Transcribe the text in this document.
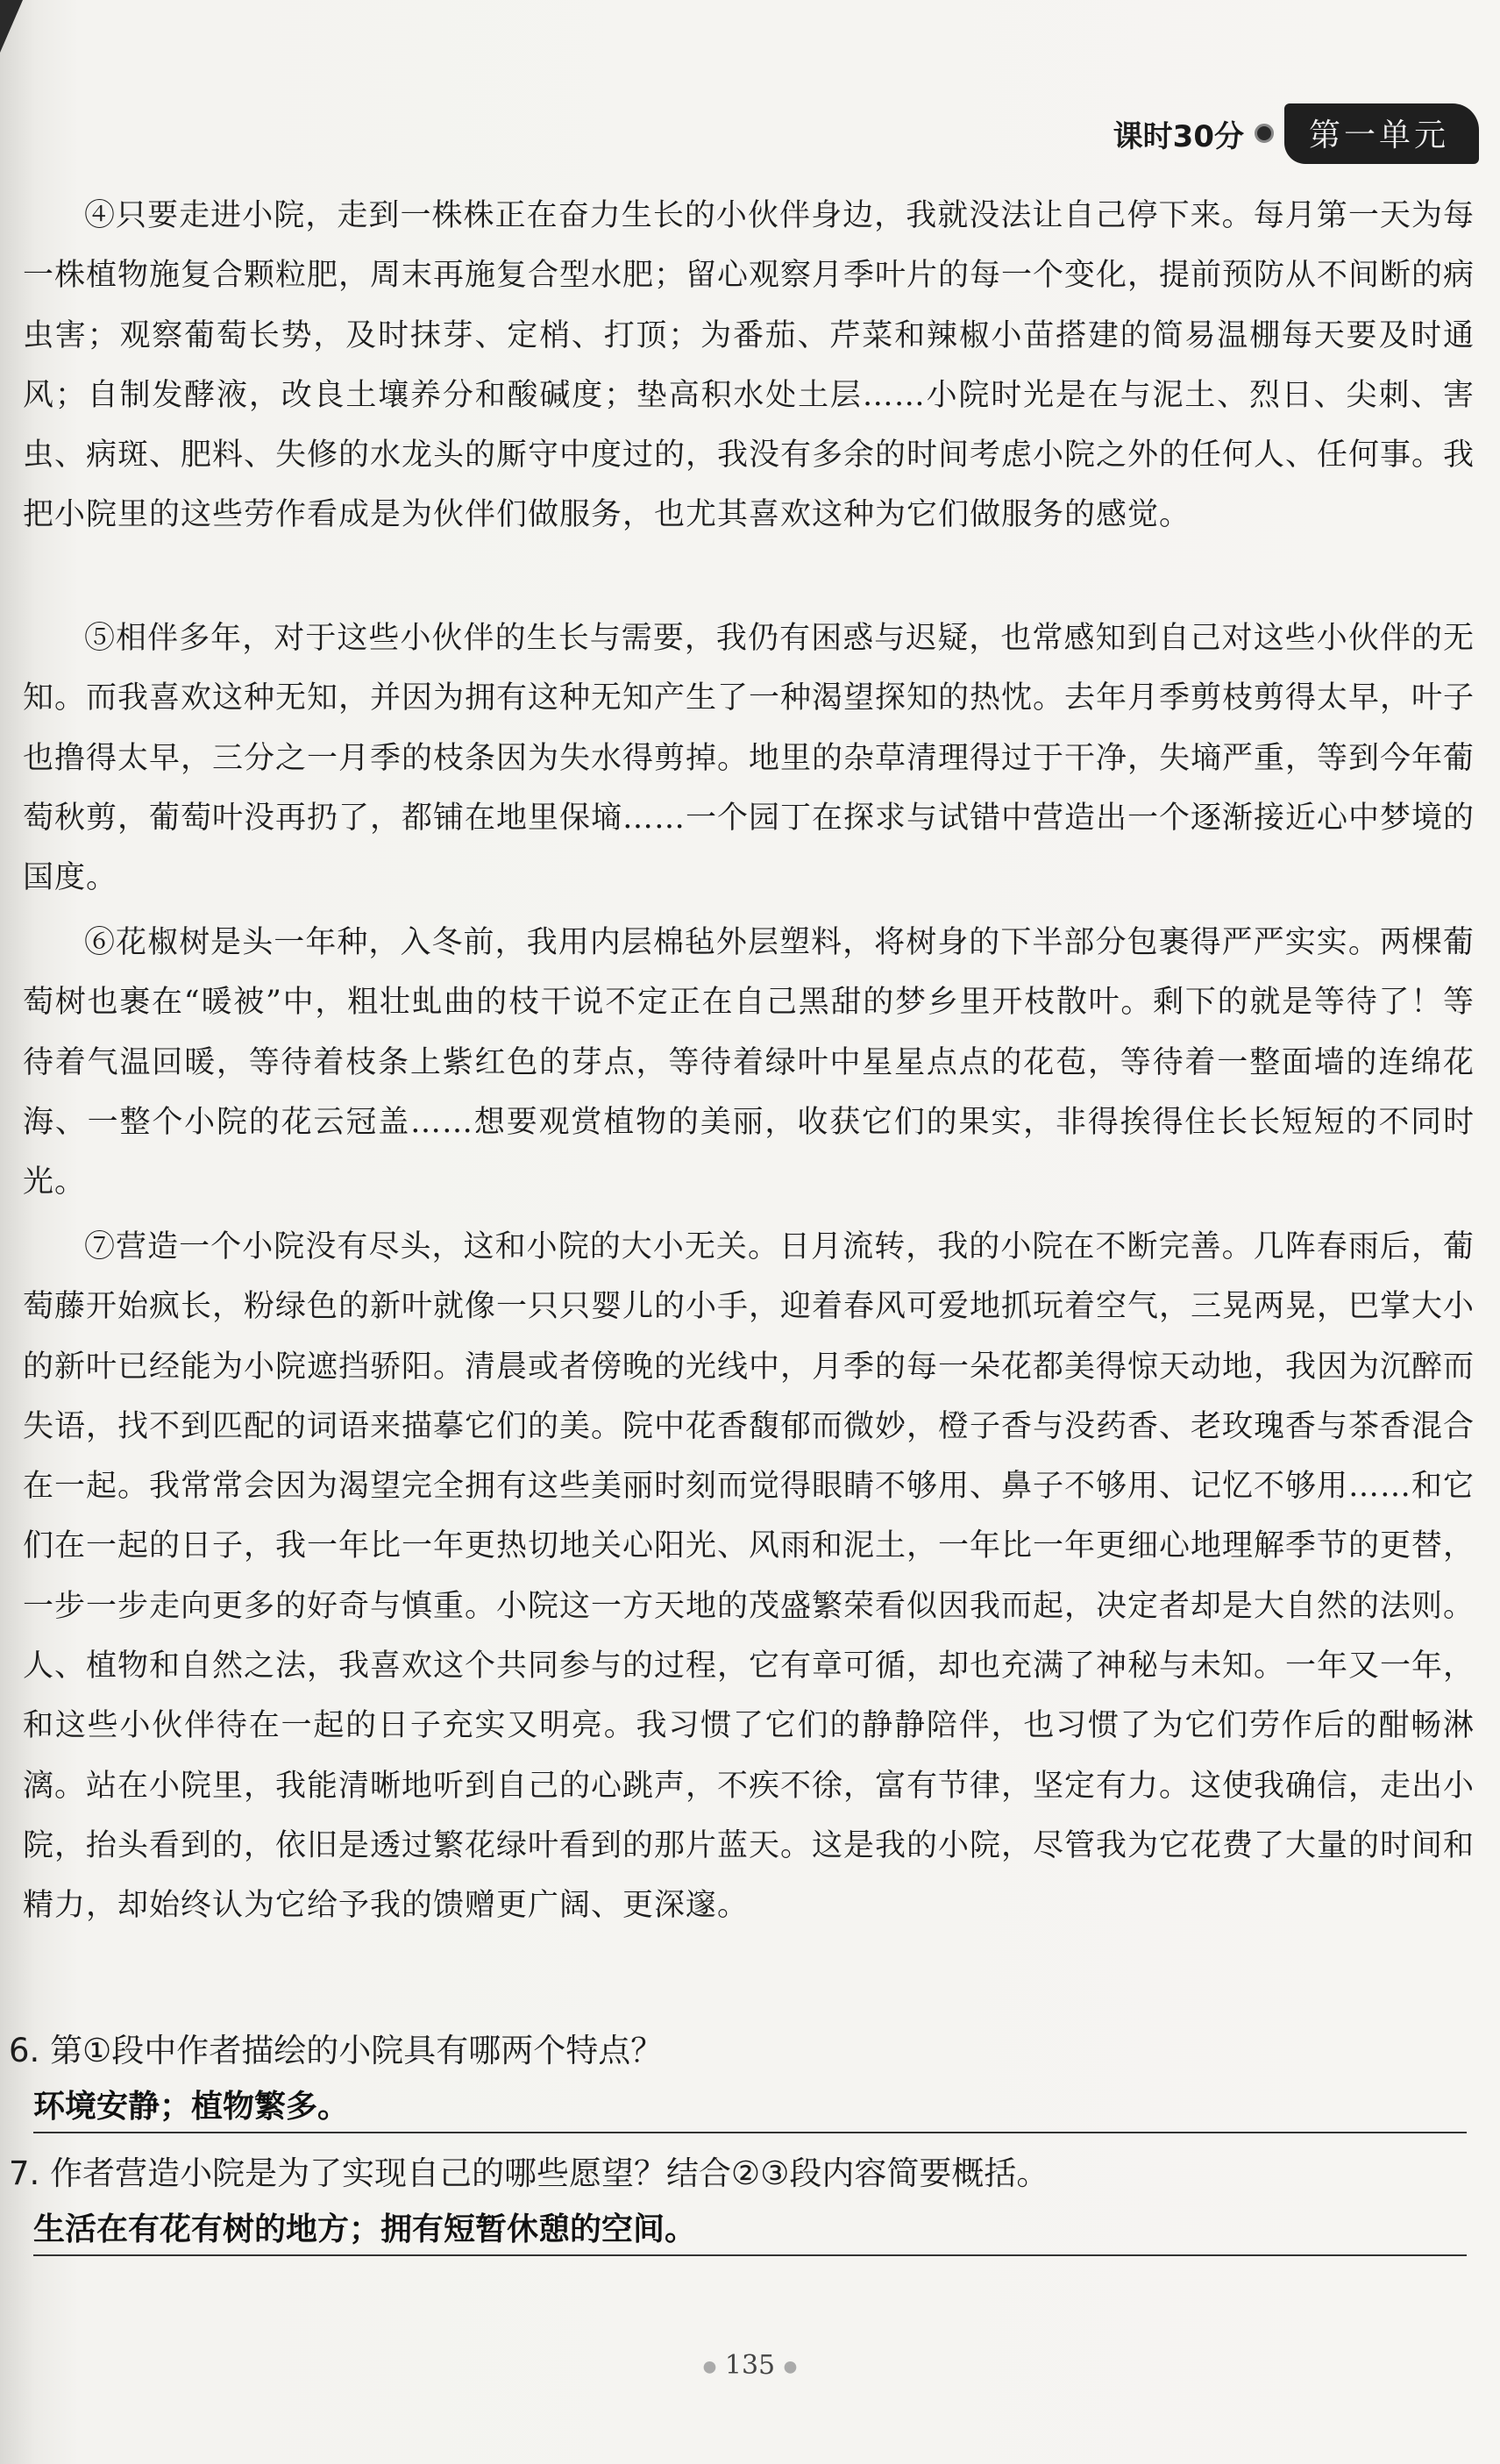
课时30分	第一单元

④只要走进小院，走到一株株正在奋力生长的小伙伴身边，我就没法让自己停下来。每月第一天为每一株植物施复合颗粒肥，周末再施复合型水肥；留心观察月季叶片的每一个变化，提前预防从不间断的病虫害；观察葡萄长势，及时抹芽、定梢、打顶；为番茄、芹菜和辣椒小苗搭建的简易温棚每天要及时通风；自制发酵液，改良土壤养分和酸碱度；垫高积水处土层……小院时光是在与泥土、烈日、尖刺、害虫、病斑、肥料、失修的水龙头的厮守中度过的，我没有多余的时间考虑小院之外的任何人、任何事。我把小院里的这些劳作看成是为伙伴们做服务，也尤其喜欢这种为它们做服务的感觉。

⑤相伴多年，对于这些小伙伴的生长与需要，我仍有困惑与迟疑，也常感知到自己对这些小伙伴的无知。而我喜欢这种无知，并因为拥有这种无知产生了一种渴望探知的热忱。去年月季剪枝剪得太早，叶子也撸得太早，三分之一月季的枝条因为失水得剪掉。地里的杂草清理得过于干净，失墒严重，等到今年葡萄秋剪，葡萄叶没再扔了，都铺在地里保墒……一个园丁在探求与试错中营造出一个逐渐接近心中梦境的国度。

⑥花椒树是头一年种，入冬前，我用内层棉毡外层塑料，将树身的下半部分包裹得严严实实。两棵葡萄树也裹在“暖被”中，粗壮虬曲的枝干说不定正在自己黑甜的梦乡里开枝散叶。剩下的就是等待了！等待着气温回暖，等待着枝条上紫红色的芽点，等待着绿叶中星星点点的花苞，等待着一整面墙的连绵花海、一整个小院的花云冠盖……想要观赏植物的美丽，收获它们的果实，非得挨得住长长短短的不同时光。

⑦营造一个小院没有尽头，这和小院的大小无关。日月流转，我的小院在不断完善。几阵春雨后，葡萄藤开始疯长，粉绿色的新叶就像一只只婴儿的小手，迎着春风可爱地抓玩着空气，三晃两晃，巴掌大小的新叶已经能为小院遮挡骄阳。清晨或者傍晚的光线中，月季的每一朵花都美得惊天动地，我因为沉醉而失语，找不到匹配的词语来描摹它们的美。院中花香馥郁而微妙，橙子香与没药香、老玫瑰香与茶香混合在一起。我常常会因为渴望完全拥有这些美丽时刻而觉得眼睛不够用、鼻子不够用、记忆不够用……和它们在一起的日子，我一年比一年更热切地关心阳光、风雨和泥土，一年比一年更细心地理解季节的更替，一步一步走向更多的好奇与慎重。小院这一方天地的茂盛繁荣看似因我而起，决定者却是大自然的法则。人、植物和自然之法，我喜欢这个共同参与的过程，它有章可循，却也充满了神秘与未知。一年又一年，和这些小伙伴待在一起的日子充实又明亮。我习惯了它们的静静陪伴，也习惯了为它们劳作后的酣畅淋漓。站在小院里，我能清晰地听到自己的心跳声，不疾不徐，富有节律，坚定有力。这使我确信，走出小院，抬头看到的，依旧是透过繁花绿叶看到的那片蓝天。这是我的小院，尽管我为它花费了大量的时间和精力，却始终认为它给予我的馈赠更广阔、更深邃。

6. 第①段中作者描绘的小院具有哪两个特点？
环境安静；植物繁多。
7. 作者营造小院是为了实现自己的哪些愿望？结合②③段内容简要概括。
生活在有花有树的地方；拥有短暂休憩的空间。
● 135 ●
